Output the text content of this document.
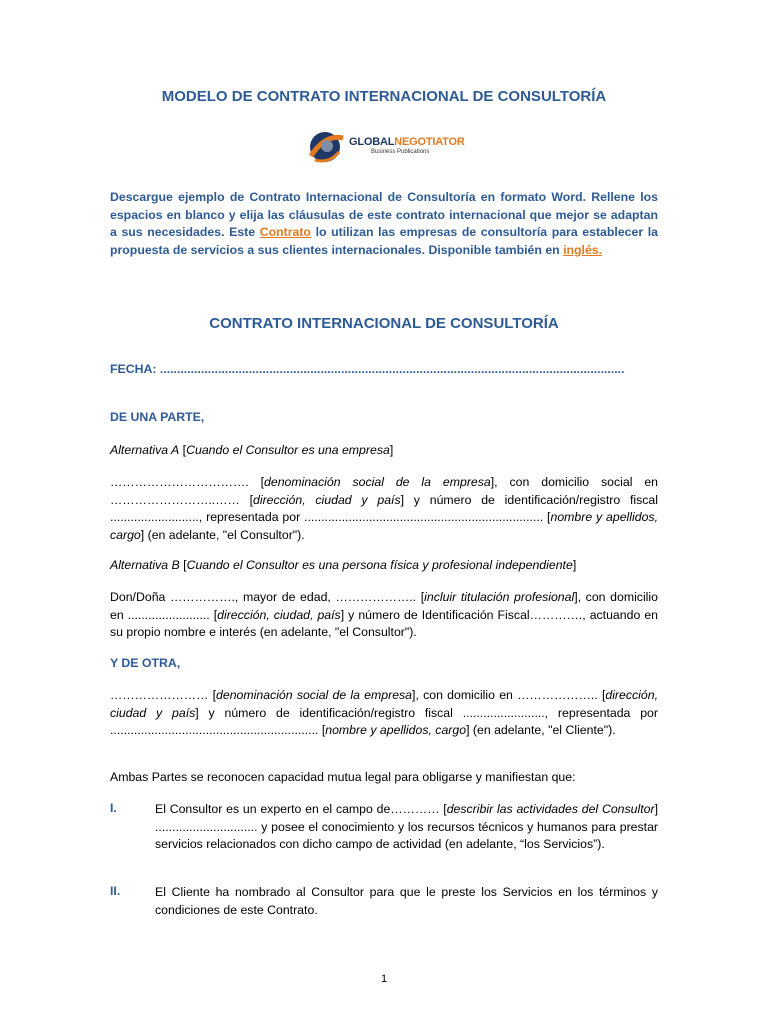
MODELO DE CONTRATO INTERNACIONAL DE CONSULTORÍA
GLOBALNEGOTIATOR
Business Publications
Descargue ejemplo de Contrato Internacional de Consultoría en formato Word. Rellene los espacios en blanco y elija las cláusulas de este contrato internacional que mejor se adaptan a sus necesidades. Este Contrato lo utilizan las empresas de consultoría para establecer la propuesta de servicios a sus clientes internacionales. Disponible también en inglés.
CONTRATO INTERNACIONAL DE CONSULTORÍA
FECHA: ........................................................................................................................................
DE UNA PARTE,
Alternativa A [Cuando el Consultor es una empresa]
……………………………. [denominación social de la empresa], con domicilio social en ……………………..…… [dirección, ciudad y país] y número de identificación/registro fiscal .........................., representada por ...................................................................... [nombre y apellidos, cargo] (en adelante, "el Consultor").
Alternativa B [Cuando el Consultor es una persona física y profesional independiente]
Don/Doña ……………., mayor de edad, ……………….. [incluir titulación profesional], con domicilio en ........................ [dirección, ciudad, país] y número de Identificación Fiscal…………., actuando en su propio nombre e interés (en adelante, "el Consultor").
Y DE OTRA,
…………………… [denominación social de la empresa], con domicilio en ……………….. [dirección, ciudad y país] y número de identificación/registro fiscal ........................, representada por ............................................................. [nombre y apellidos, cargo] (en adelante, "el Cliente").
Ambas Partes se reconocen capacidad mutua legal para obligarse y manifiestan que:
I.	El Consultor es un experto en el campo de………… [describir las actividades del Consultor] .............................. y posee el conocimiento y los recursos técnicos y humanos para prestar servicios relacionados con dicho campo de actividad (en adelante, “los Servicios”).
II.	El Cliente ha nombrado al Consultor para que le preste los Servicios en los términos y condiciones de este Contrato.
1
